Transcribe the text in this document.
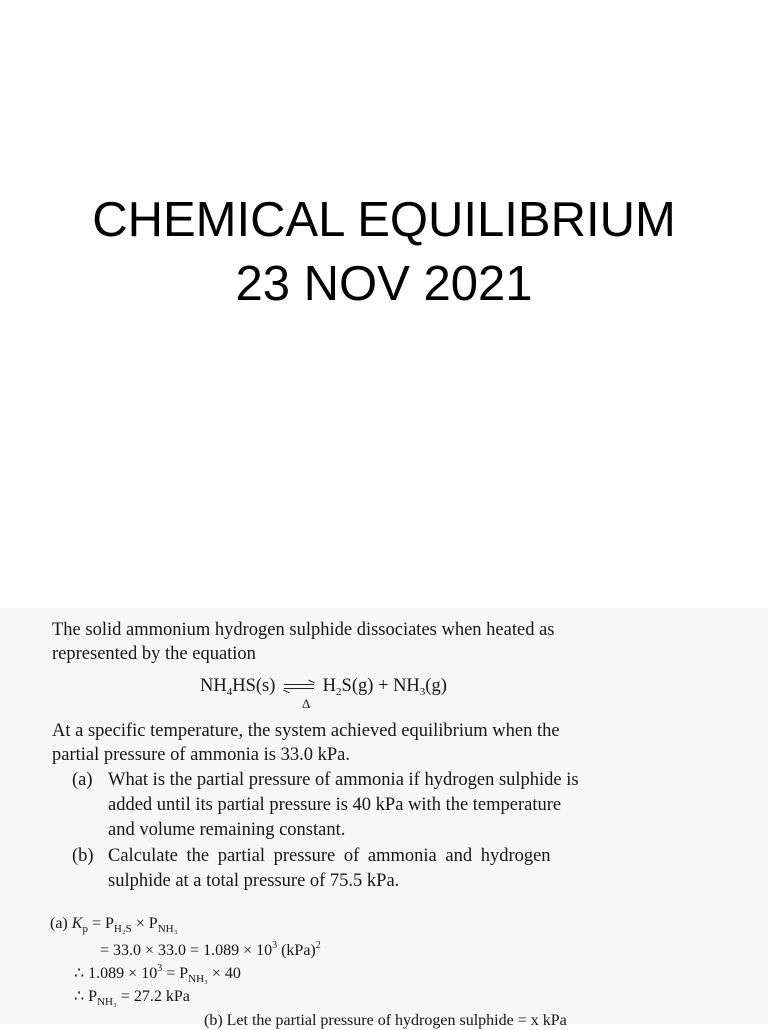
CHEMICAL EQUILIBRIUM
23 NOV 2021
The solid ammonium hydrogen sulphide dissociates when heated as
represented by the equation
$NH_4HS(s)$	$H_2S(g) + NH_3(g)$
Δ
At a specific temperature, the system achieved equilibrium when the
partial pressure of ammonia is 33.0 kPa.
(a) What is the partial pressure of ammonia if hydrogen sulphide is
added until its partial pressure is 40 kPa with the temperature
and volume remaining constant.
(b) Calculate the partial pressure of ammonia and hydrogen
sulphide at a total pressure of 75.5 kPa.
(a) $K_p = P_{H_2S} \times P_{NH_3}$
= $33.0 \times 33.0 = 1.089 \times 10^3$ (kPa)$^2$
∴ $1.089 \times 10^3 = P_{NH_3} \times 40$
∴ $P_{NH_3} = 27.2$ kPa
(b) Let the partial pressure of hydrogen sulphide = x kPa
